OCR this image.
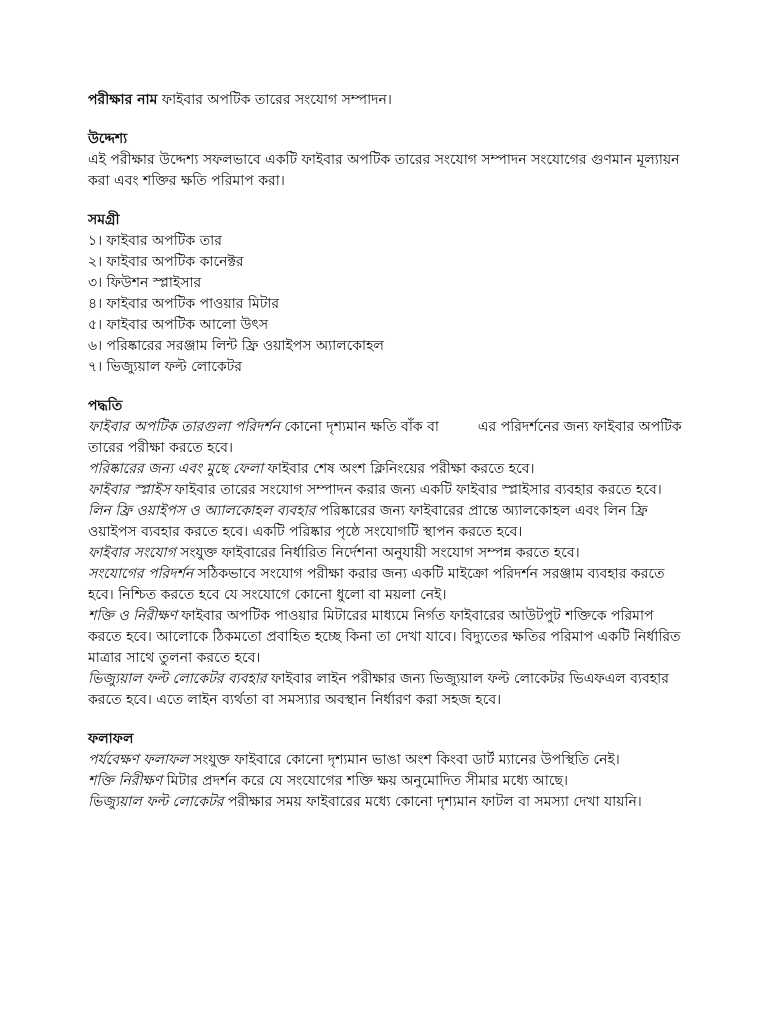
পরীক্ষার নাম ফাইবার অপটিক তারের সংযোগ সম্পাদন।

উদ্দেশ্য

এই পরীক্ষার উদ্দেশ্য সফলভাবে একটি ফাইবার অপটিক তারের সংযোগ সম্পাদন সংযোগের গুণমান মূল্যায়ন করা এবং শক্তির ক্ষতি পরিমাপ করা।

সমগ্রী

১। ফাইবার অপটিক তার
২। ফাইবার অপটিক কানেক্টর
৩। ফিউশন স্প্লাইসার
৪। ফাইবার অপটিক পাওয়ার মিটার
৫। ফাইবার অপটিক আলো উৎস
৬। পরিষ্কারের সরঞ্জাম লিন্ট ফ্রি ওয়াইপস অ্যালকোহল
৭। ভিজ্যুয়াল ফল্ট লোকেটর

পদ্ধতি

ফাইবার অপটিক তারগুলা পরিদর্শন কোনো দৃশ্যমান ক্ষতি বাঁক বা  এর পরিদর্শনের জন্য ফাইবার অপটিক তারের পরীক্ষা করতে হবে।

পরিষ্কারের জন্য এবং মুছে ফেলা ফাইবার শেষ অংশ ক্লিনিংয়ের পরীক্ষা করতে হবে।

ফাইবার স্প্লাইস ফাইবার তারের সংযোগ সম্পাদন করার জন্য একটি ফাইবার স্প্লাইসার ব্যবহার করতে হবে।

লিন ফ্রি ওয়াইপস ও অ্যালকোহল ব্যবহার পরিষ্কারের জন্য ফাইবারের প্রান্তে অ্যালকোহল এবং লিন ফ্রি ওয়াইপস ব্যবহার করতে হবে। একটি পরিষ্কার পৃষ্ঠে সংযোগটি স্থাপন করতে হবে।

ফাইবার সংযোগ সংযুক্ত ফাইবারের নির্ধারিত নির্দেশনা অনুযায়ী সংযোগ সম্পন্ন করতে হবে।

সংযোগের পরিদর্শন সঠিকভাবে সংযোগ পরীক্ষা করার জন্য একটি মাইক্রো পরিদর্শন সরঞ্জাম ব্যবহার করতে হবে। নিশ্চিত করতে হবে যে সংযোগে কোনো ধুলো বা ময়লা নেই।

শক্তি ও নিরীক্ষণ ফাইবার অপটিক পাওয়ার মিটারের মাধ্যমে নির্গত ফাইবারের আউটপুট শক্তিকে পরিমাপ করতে হবে। আলোকে ঠিকমতো প্রবাহিত হচ্ছে কিনা তা দেখা যাবে। বিদ্যুতের ক্ষতির পরিমাপ একটি নির্ধারিত মাত্রার সাথে তুলনা করতে হবে।

ভিজ্যুয়াল ফল্ট লোকেটর ব্যবহার ফাইবার লাইন পরীক্ষার জন্য ভিজ্যুয়াল ফল্ট লোকেটর ভিএফএল ব্যবহার করতে হবে। এতে লাইন ব্যর্থতা বা সমস্যার অবস্থান নির্ধারণ করা সহজ হবে।

ফলাফল

পর্যবেক্ষণ ফলাফল সংযুক্ত ফাইবারে কোনো দৃশ্যমান ভাঙা অংশ কিংবা ডার্ট ম্যানের উপস্থিতি নেই।

শক্তি নিরীক্ষণ মিটার প্রদর্শন করে যে সংযোগের শক্তি ক্ষয় অনুমোদিত সীমার মধ্যে আছে।

ভিজ্যুয়াল ফল্ট লোকেটর পরীক্ষার সময় ফাইবারের মধ্যে কোনো দৃশ্যমান ফাটল বা সমস্যা দেখা যায়নি।
